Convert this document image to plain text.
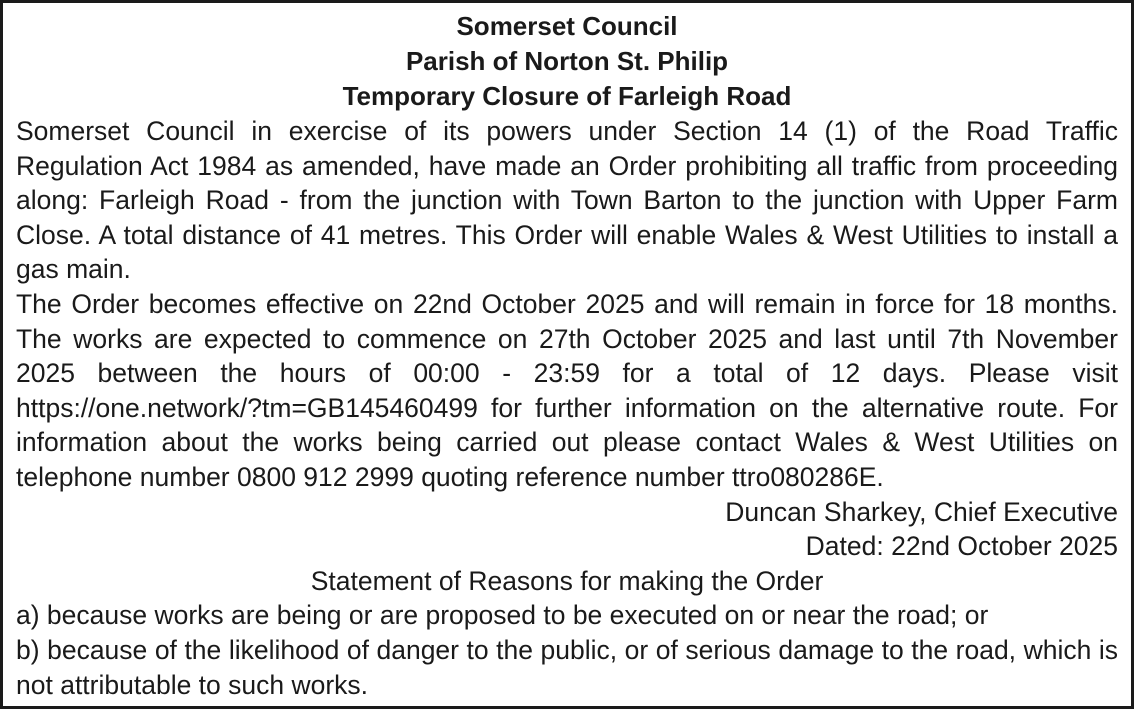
Somerset Council

Parish of Norton St. Philip

Temporary Closure of Farleigh Road

Somerset Council in exercise of its powers under Section 14 (1) of the Road Traffic Regulation Act 1984 as amended, have made an Order prohibiting all traffic from proceeding along: Farleigh Road - from the junction with Town Barton to the junction with Upper Farm Close. A total distance of 41 metres. This Order will enable Wales & West Utilities to install a gas main.

The Order becomes effective on 22nd October 2025 and will remain in force for 18 months. The works are expected to commence on 27th October 2025 and last until 7th November 2025 between the hours of 00:00 - 23:59 for a total of 12 days. Please visit https://one.network/?tm=GB145460499 for further information on the alternative route. For information about the works being carried out please contact Wales & West Utilities on telephone number 0800 912 2999 quoting reference number ttro080286E.

Duncan Sharkey, Chief Executive

Dated: 22nd October 2025

Statement of Reasons for making the Order

a) because works are being or are proposed to be executed on or near the road; or

b) because of the likelihood of danger to the public, or of serious damage to the road, which is not attributable to such works.
